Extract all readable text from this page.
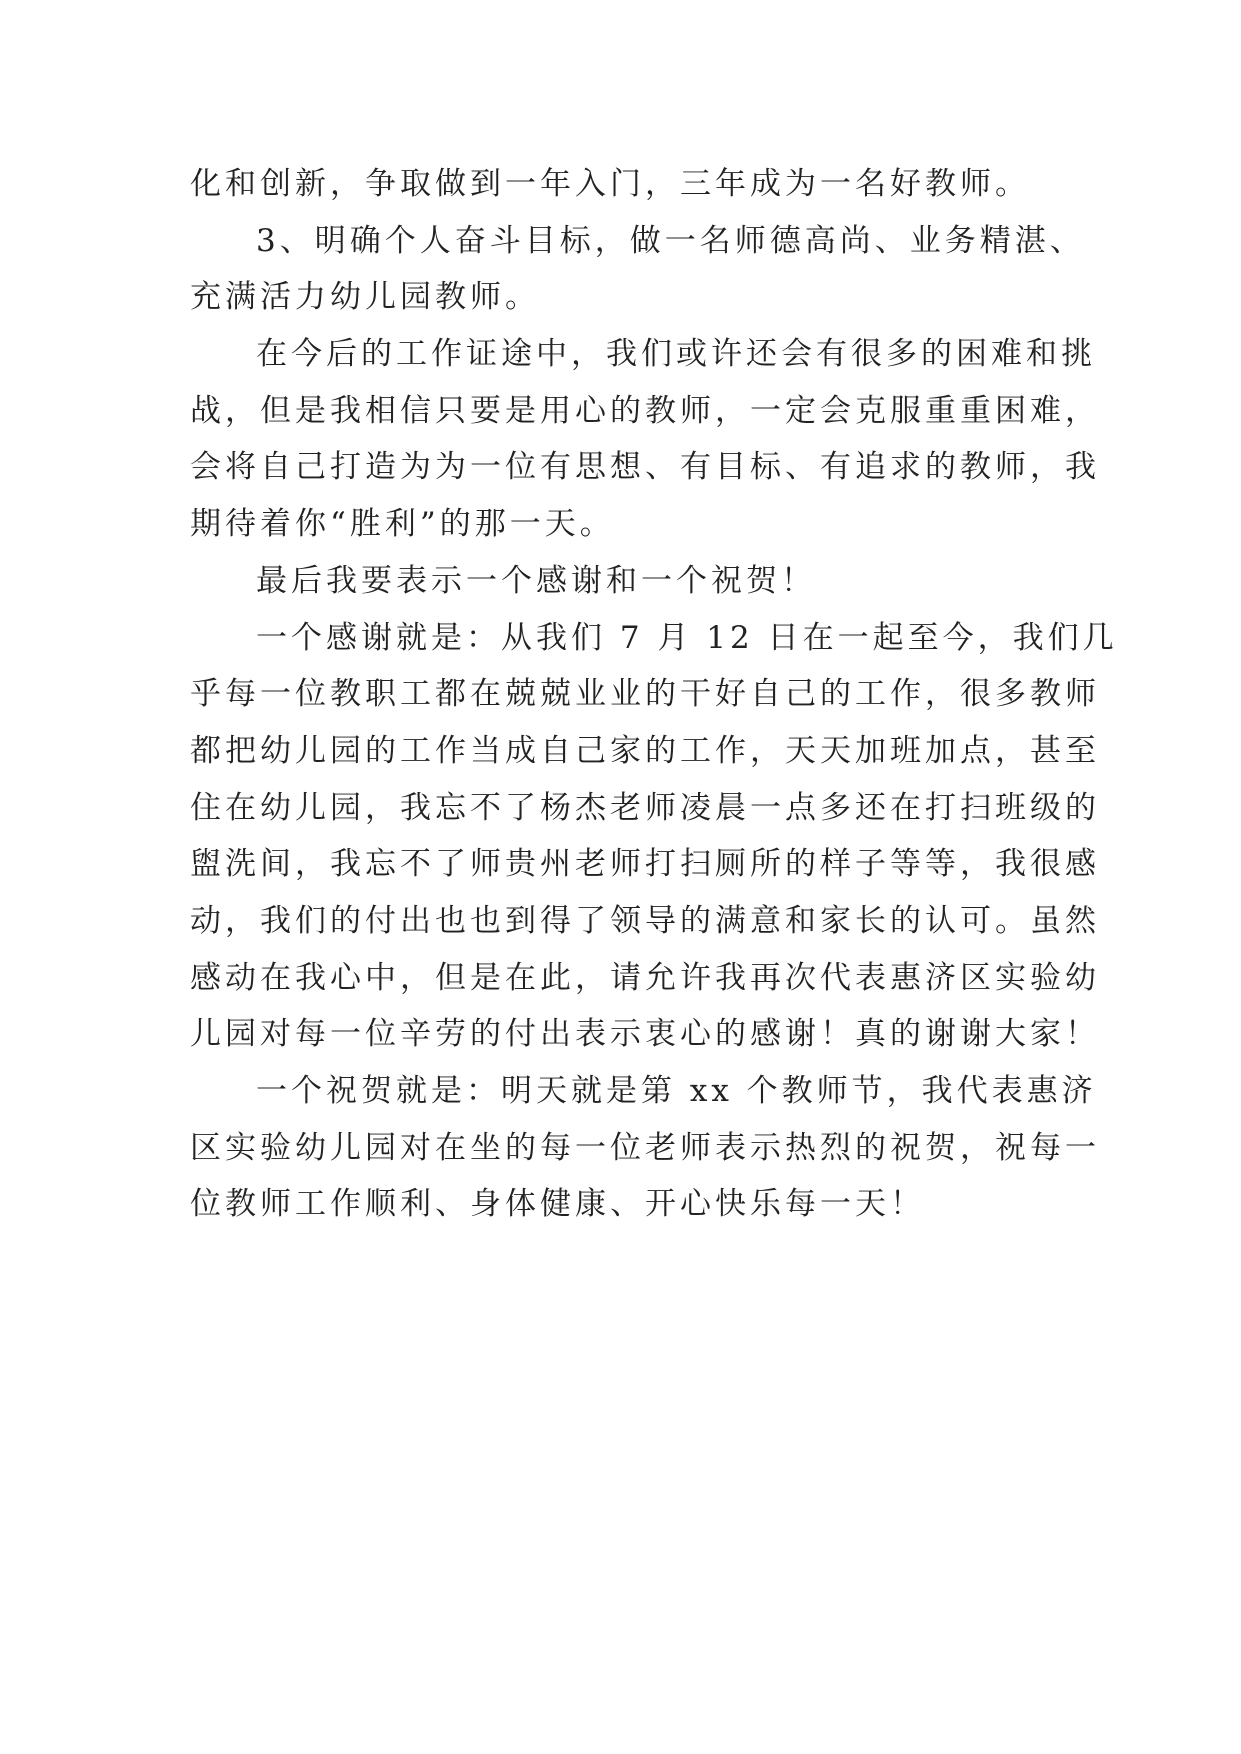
化和创新，争取做到一年入门，三年成为一名好教师。
3、明确个人奋斗目标，做一名师德高尚、业务精湛、
充满活力幼儿园教师。
在今后的工作证途中，我们或许还会有很多的困难和挑
战，但是我相信只要是用心的教师，一定会克服重重困难，
会将自己打造为为一位有思想、有目标、有追求的教师，我
期待着你“胜利”的那一天。
最后我要表示一个感谢和一个祝贺！
一个感谢就是：从我们 7 月 12 日在一起至今，我们几
乎每一位教职工都在兢兢业业的干好自己的工作，很多教师
都把幼儿园的工作当成自己家的工作，天天加班加点，甚至
住在幼儿园，我忘不了杨杰老师凌晨一点多还在打扫班级的
盥洗间，我忘不了师贵州老师打扫厕所的样子等等，我很感
动，我们的付出也也到得了领导的满意和家长的认可。虽然
感动在我心中，但是在此，请允许我再次代表惠济区实验幼
儿园对每一位辛劳的付出表示衷心的感谢！真的谢谢大家！
一个祝贺就是：明天就是第 xx 个教师节，我代表惠济
区实验幼儿园对在坐的每一位老师表示热烈的祝贺，祝每一
位教师工作顺利、身体健康、开心快乐每一天！
